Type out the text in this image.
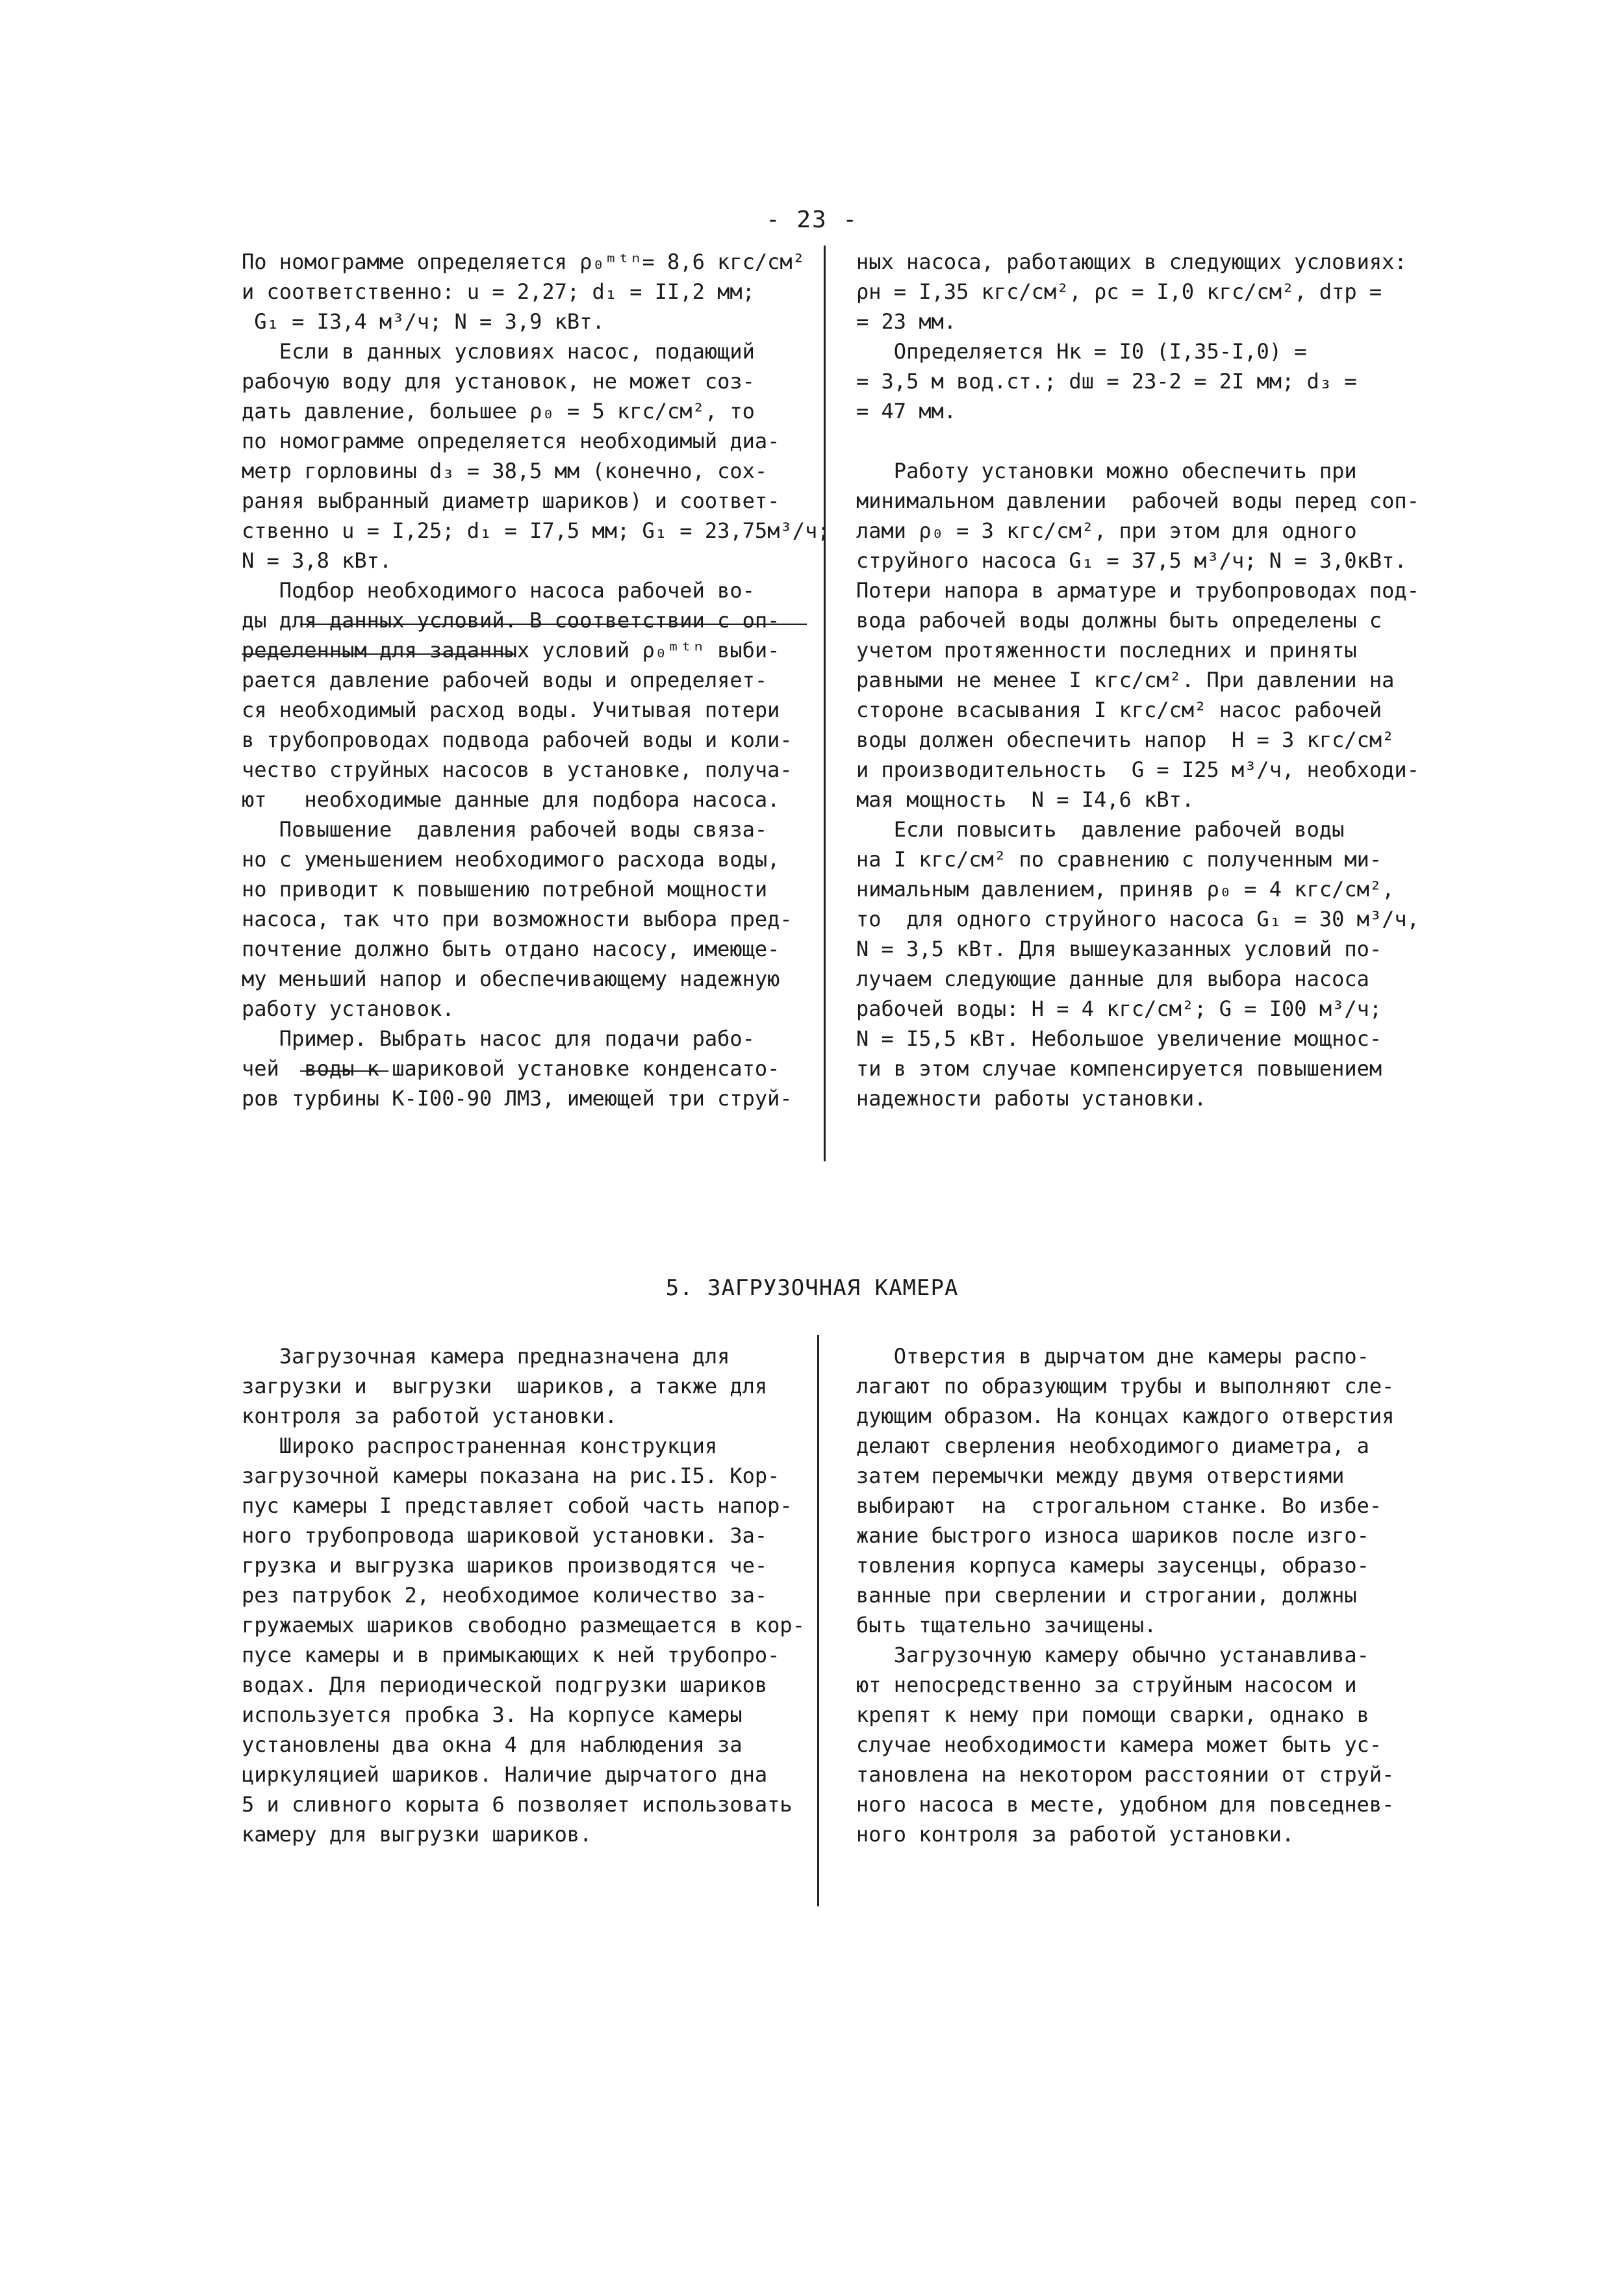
- 23 -
По номограмме определяется ρ₀ᵐᵗⁿ= 8,6 кгс/см²
и соответственно: u = 2,27; d₁ = II,2 мм;
G₁ = I3,4 м³/ч; N = 3,9 кВт.
Если в данных условиях насос, подающий
рабочую воду для установок, не может соз-
дать давление, большее ρ₀ = 5 кгс/см², то
по номограмме определяется необходимый диа-
метр горловины d₃ = 38,5 мм (конечно, сох-
раняя выбранный диаметр шариков) и соответ-
ственно u = I,25; d₁ = I7,5 мм; G₁ = 23,75м³/ч;
N = 3,8 кВт.
Подбор необходимого насоса рабочей во-
ды для данных условий. В соответствии с оп-
ределенным для заданных условий ρ₀ᵐᵗⁿ выби-
рается давление рабочей воды и определяет-
ся необходимый расход воды. Учитывая потери
в трубопроводах подвода рабочей воды и коли-
чество струйных насосов в установке, получа-
ют   необходимые данные для подбора насоса.
Повышение  давления рабочей воды связа-
но с уменьшением необходимого расхода воды,
но приводит к повышению потребной мощности
насоса, так что при возможности выбора пред-
почтение должно быть отдано насосу, имеюще-
му меньший напор и обеспечивающему надежную
работу установок.
Пример. Выбрать насос для подачи рабо-
чей  воды к шариковой установке конденсато-
ров турбины К-I00-90 ЛМЗ, имеющей три струй-
ных насоса, работающих в следующих условиях:
ρн = I,35 кгс/см², ρс = I,0 кгс/см², dтр =
= 23 мм.
Определяется Hк = I0 (I,35-I,0) =
= 3,5 м вод.ст.; dш = 23-2 = 2I мм; d₃ =
= 47 мм.
Работу установки можно обеспечить при
минимальном давлении  рабочей воды перед соп-
лами ρ₀ = 3 кгс/см², при этом для одного
струйного насоса G₁ = 37,5 м³/ч; N = 3,0кВт.
Потери напора в арматуре и трубопроводах под-
вода рабочей воды должны быть определены с
учетом протяженности последних и приняты
равными не менее I кгс/см². При давлении на
стороне всасывания I кгс/см² насос рабочей
воды должен обеспечить напор  H = 3 кгс/см²
и производительность  G = I25 м³/ч, необходи-
мая мощность  N = I4,6 кВт.
Если повысить  давление рабочей воды
на I кгс/см² по сравнению с полученным ми-
нимальным давлением, приняв ρ₀ = 4 кгс/см²,
то  для одного струйного насоса G₁ = 30 м³/ч,
N = 3,5 кВт. Для вышеуказанных условий по-
лучаем следующие данные для выбора насоса
рабочей воды: H = 4 кгс/см²; G = I00 м³/ч;
N = I5,5 кВт. Небольшое увеличение мощнос-
ти в этом случае компенсируется повышением
надежности работы установки.
5. ЗАГРУЗОЧНАЯ КАМЕРА
Загрузочная камера предназначена для
загрузки и  выгрузки  шариков, а также для
контроля за работой установки.
Широко распространенная конструкция
загрузочной камеры показана на рис.I5. Кор-
пус камеры I представляет собой часть напор-
ного трубопровода шариковой установки. За-
грузка и выгрузка шариков производятся че-
рез патрубок 2, необходимое количество за-
гружаемых шариков свободно размещается в кор-
пусе камеры и в примыкающих к ней трубопро-
водах. Для периодической подгрузки шариков
используется пробка 3. На корпусе камеры
установлены два окна 4 для наблюдения за
циркуляцией шариков. Наличие дырчатого дна
5 и сливного корыта 6 позволяет использовать
камеру для выгрузки шариков.
Отверстия в дырчатом дне камеры распо-
лагают по образующим трубы и выполняют сле-
дующим образом. На концах каждого отверстия
делают сверления необходимого диаметра, а
затем перемычки между двумя отверстиями
выбирают  на  строгальном станке. Во избе-
жание быстрого износа шариков после изго-
товления корпуса камеры заусенцы, образо-
ванные при сверлении и строгании, должны
быть тщательно зачищены.
Загрузочную камеру обычно устанавлива-
ют непосредственно за струйным насосом и
крепят к нему при помощи сварки, однако в
случае необходимости камера может быть ус-
тановлена на некотором расстоянии от струй-
ного насоса в месте, удобном для повседнев-
ного контроля за работой установки.
